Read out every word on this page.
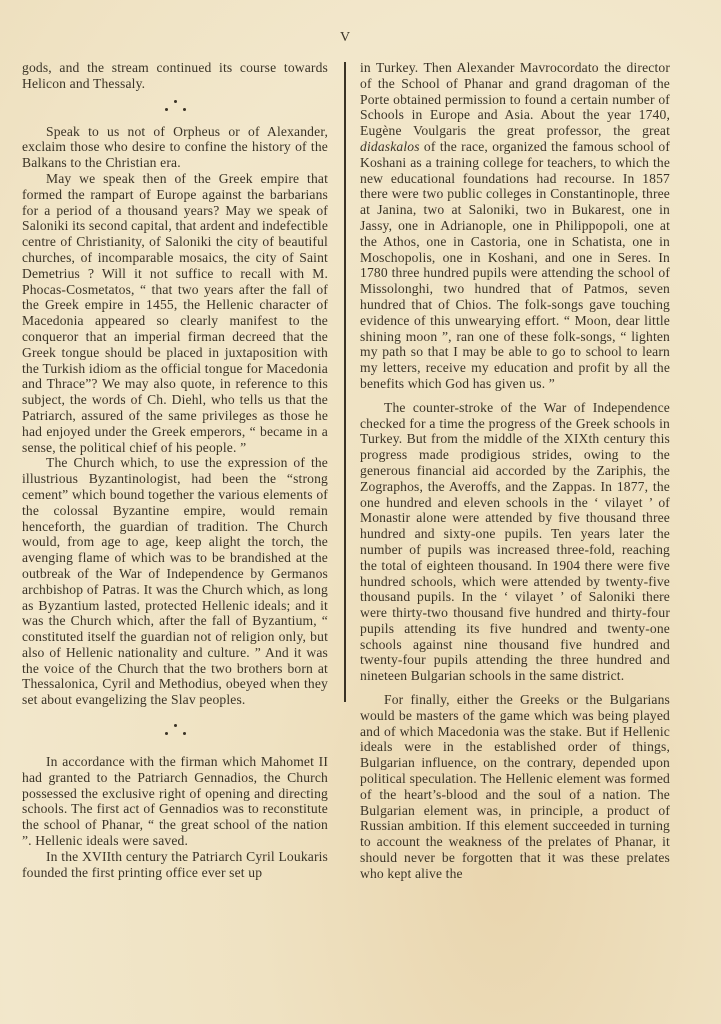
V

gods, and the stream continued its course towards Helicon and Thessaly.

Speak to us not of Orpheus or of Alexander, exclaim those who desire to confine the history of the Balkans to the Christian era.

May we speak then of the Greek empire that formed the rampart of Europe against the barbarians for a period of a thousand years? May we speak of Saloniki its second capital, that ardent and indefectible centre of Christianity, of Saloniki the city of beautiful churches, of incomparable mosaics, the city of Saint Demetrius ? Will it not suffice to recall with M. Phocas-Cosmetatos, “ that two years after the fall of the Greek empire in 1455, the Hellenic character of Macedonia appeared so clearly manifest to the conqueror that an imperial firman decreed that the Greek tongue should be placed in juxtaposition with the Turkish idiom as the official tongue for Macedonia and Thrace”? We may also quote, in reference to this subject, the words of Ch. Diehl, who tells us that the Patriarch, assured of the same privileges as those he had enjoyed under the Greek emperors, “ became in a sense, the political chief of his people. ”

The Church which, to use the expression of the illustrious Byzantinologist, had been the “strong cement” which bound together the various elements of the colossal Byzantine empire, would remain henceforth, the guardian of tradition. The Church would, from age to age, keep alight the torch, the avenging flame of which was to be brandished at the outbreak of the War of Independence by Germanos archbishop of Patras. It was the Church which, as long as Byzantium lasted, protected Hellenic ideals; and it was the Church which, after the fall of Byzantium, “ constituted itself the guardian not of religion only, but also of Hellenic nationality and culture. ” And it was the voice of the Church that the two brothers born at Thessalonica, Cyril and Methodius, obeyed when they set about evangelizing the Slav peoples.

In accordance with the firman which Mahomet II had granted to the Patriarch Gennadios, the Church possessed the exclusive right of opening and directing schools. The first act of Gennadios was to reconstitute the school of Phanar, “ the great school of the nation ”. Hellenic ideals were saved.

In the XVIIth century the Patriarch Cyril Loukaris founded the first printing office ever set up

in Turkey. Then Alexander Mavrocordato the director of the School of Phanar and grand dragoman of the Porte obtained permission to found a certain number of Schools in Europe and Asia. About the year 1740, Eugène Voulgaris the great professor, the great didaskalos of the race, organized the famous school of Koshani as a training college for teachers, to which the new educational foundations had recourse. In 1857 there were two public colleges in Constantinople, three at Janina, two at Saloniki, two in Bukarest, one in Jassy, one in Adrianople, one in Philippopoli, one at the Athos, one in Castoria, one in Schatista, one in Moschopolis, one in Koshani, and one in Seres. In 1780 three hundred pupils were attending the school of Missolonghi, two hundred that of Patmos, seven hundred that of Chios. The folk-songs gave touching evidence of this unwearying effort. “ Moon, dear little shining moon ”, ran one of these folk-songs, “ lighten my path so that I may be able to go to school to learn my letters, receive my education and profit by all the benefits which God has given us. ”

The counter-stroke of the War of Independence checked for a time the progress of the Greek schools in Turkey. But from the middle of the XIXth century this progress made prodigious strides, owing to the generous financial aid accorded by the Zariphis, the Zographos, the Averoffs, and the Zappas. In 1877, the one hundred and eleven schools in the ‘ vilayet ’ of Monastir alone were attended by five thousand three hundred and sixty-one pupils. Ten years later the number of pupils was increased three-fold, reaching the total of eighteen thousand. In 1904 there were five hundred schools, which were attended by twenty-five thousand pupils. In the ‘ vilayet ’ of Saloniki there were thirty-two thousand five hundred and thirty-four pupils attending its five hundred and twenty-one schools against nine thousand five hundred and twenty-four pupils attending the three hundred and nineteen Bulgarian schools in the same district.

For finally, either the Greeks or the Bulgarians would be masters of the game which was being played and of which Macedonia was the stake. But if Hellenic ideals were in the established order of things, Bulgarian influence, on the contrary, depended upon political speculation. The Hellenic element was formed of the heart’s-blood and the soul of a nation. The Bulgarian element was, in principle, a product of Russian ambition. If this element succeeded in turning to account the weakness of the prelates of Phanar, it should never be forgotten that it was these prelates who kept alive the
